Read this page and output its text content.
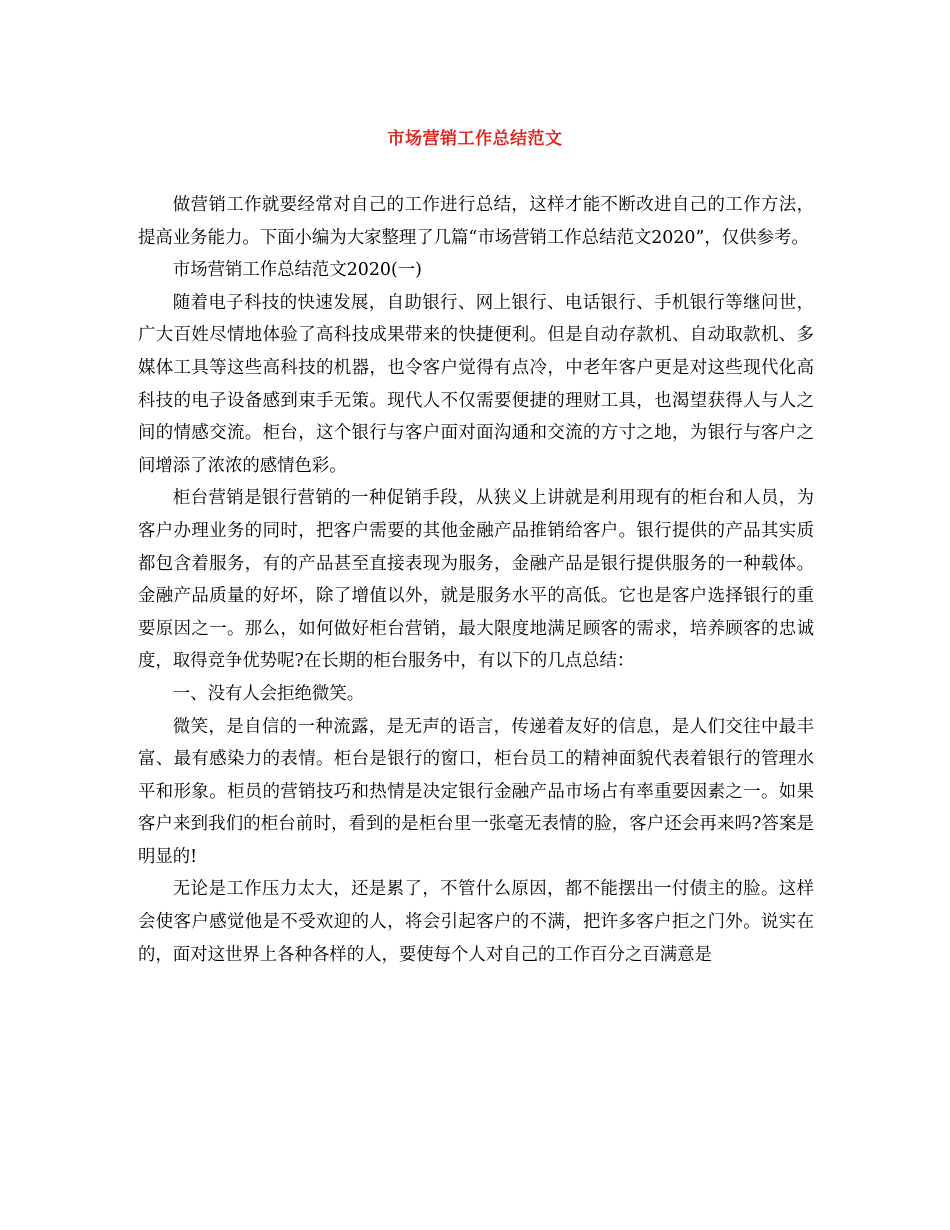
市场营销工作总结范文

做营销工作就要经常对自己的工作进行总结，这样才能不断改进自己的工作方法，提高业务能力。下面小编为大家整理了几篇“市场营销工作总结范文2020”，仅供参考。

市场营销工作总结范文2020(一)

随着电子科技的快速发展，自助银行、网上银行、电话银行、手机银行等继问世，广大百姓尽情地体验了高科技成果带来的快捷便利。但是自动存款机、自动取款机、多媒体工具等这些高科技的机器，也令客户觉得有点冷，中老年客户更是对这些现代化高科技的电子设备感到束手无策。现代人不仅需要便捷的理财工具，也渴望获得人与人之间的情感交流。柜台，这个银行与客户面对面沟通和交流的方寸之地，为银行与客户之间增添了浓浓的感情色彩。

柜台营销是银行营销的一种促销手段，从狭义上讲就是利用现有的柜台和人员，为客户办理业务的同时，把客户需要的其他金融产品推销给客户。银行提供的产品其实质都包含着服务，有的产品甚至直接表现为服务，金融产品是银行提供服务的一种载体。金融产品质量的好坏，除了增值以外，就是服务水平的高低。它也是客户选择银行的重要原因之一。那么，如何做好柜台营销，最大限度地满足顾客的需求，培养顾客的忠诚度，取得竞争优势呢?在长期的柜台服务中，有以下的几点总结：

一、没有人会拒绝微笑。

微笑，是自信的一种流露，是无声的语言，传递着友好的信息，是人们交往中最丰富、最有感染力的表情。柜台是银行的窗口，柜台员工的精神面貌代表着银行的管理水平和形象。柜员的营销技巧和热情是决定银行金融产品市场占有率重要因素之一。如果客户来到我们的柜台前时，看到的是柜台里一张毫无表情的脸，客户还会再来吗?答案是明显的!

无论是工作压力太大，还是累了，不管什么原因，都不能摆出一付债主的脸。这样会使客户感觉他是不受欢迎的人，将会引起客户的不满，把许多客户拒之门外。说实在的，面对这世界上各种各样的人，要使每个人对自己的工作百分之百满意是
